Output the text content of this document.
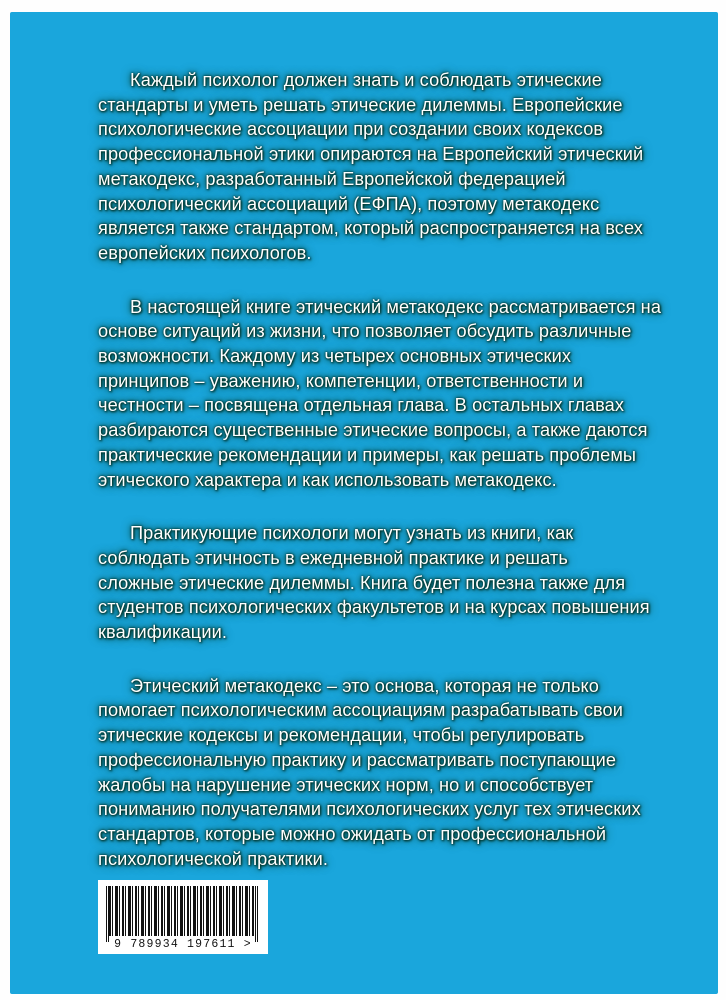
Каждый психолог должен знать и соблюдать этические
стандарты и уметь решать этические дилеммы. Европейские
психологические ассоциации при создании своих кодексов
профессиональной этики опираются на Европейский этический
метакодекс, разработанный Европейской федерацией
психологический ассоциаций (ЕФПА), поэтому метакодекс
является также стандартом, который распространяется на всех
европейских психологов.

В настоящей книге этический метакодекс рассматривается на
основе ситуаций из жизни, что позволяет обсудить различные
возможности. Каждому из четырех основных этических
принципов – уважению, компетенции, ответственности и
честности – посвящена отдельная глава. В остальных главах
разбираются существенные этические вопросы, а также даются
практические рекомендации и примеры, как решать проблемы
этического характера и как использовать метакодекс.

Практикующие психологи могут узнать из книги, как
соблюдать этичность в ежедневной практике и решать
сложные этические дилеммы. Книга будет полезна также для
студентов психологических факультетов и на курсах повышения
квалификации.

Этический метакодекс – это основа, которая не только
помогает психологическим ассоциациям разрабатывать свои
этические кодексы и рекомендации, чтобы регулировать
профессиональную практику и рассматривать поступающие
жалобы на нарушение этических норм, но и способствует
пониманию получателями психологических услуг тех этических
стандартов, которые можно ожидать от профессиональной
психологической практики.

9 789934 197611 >
